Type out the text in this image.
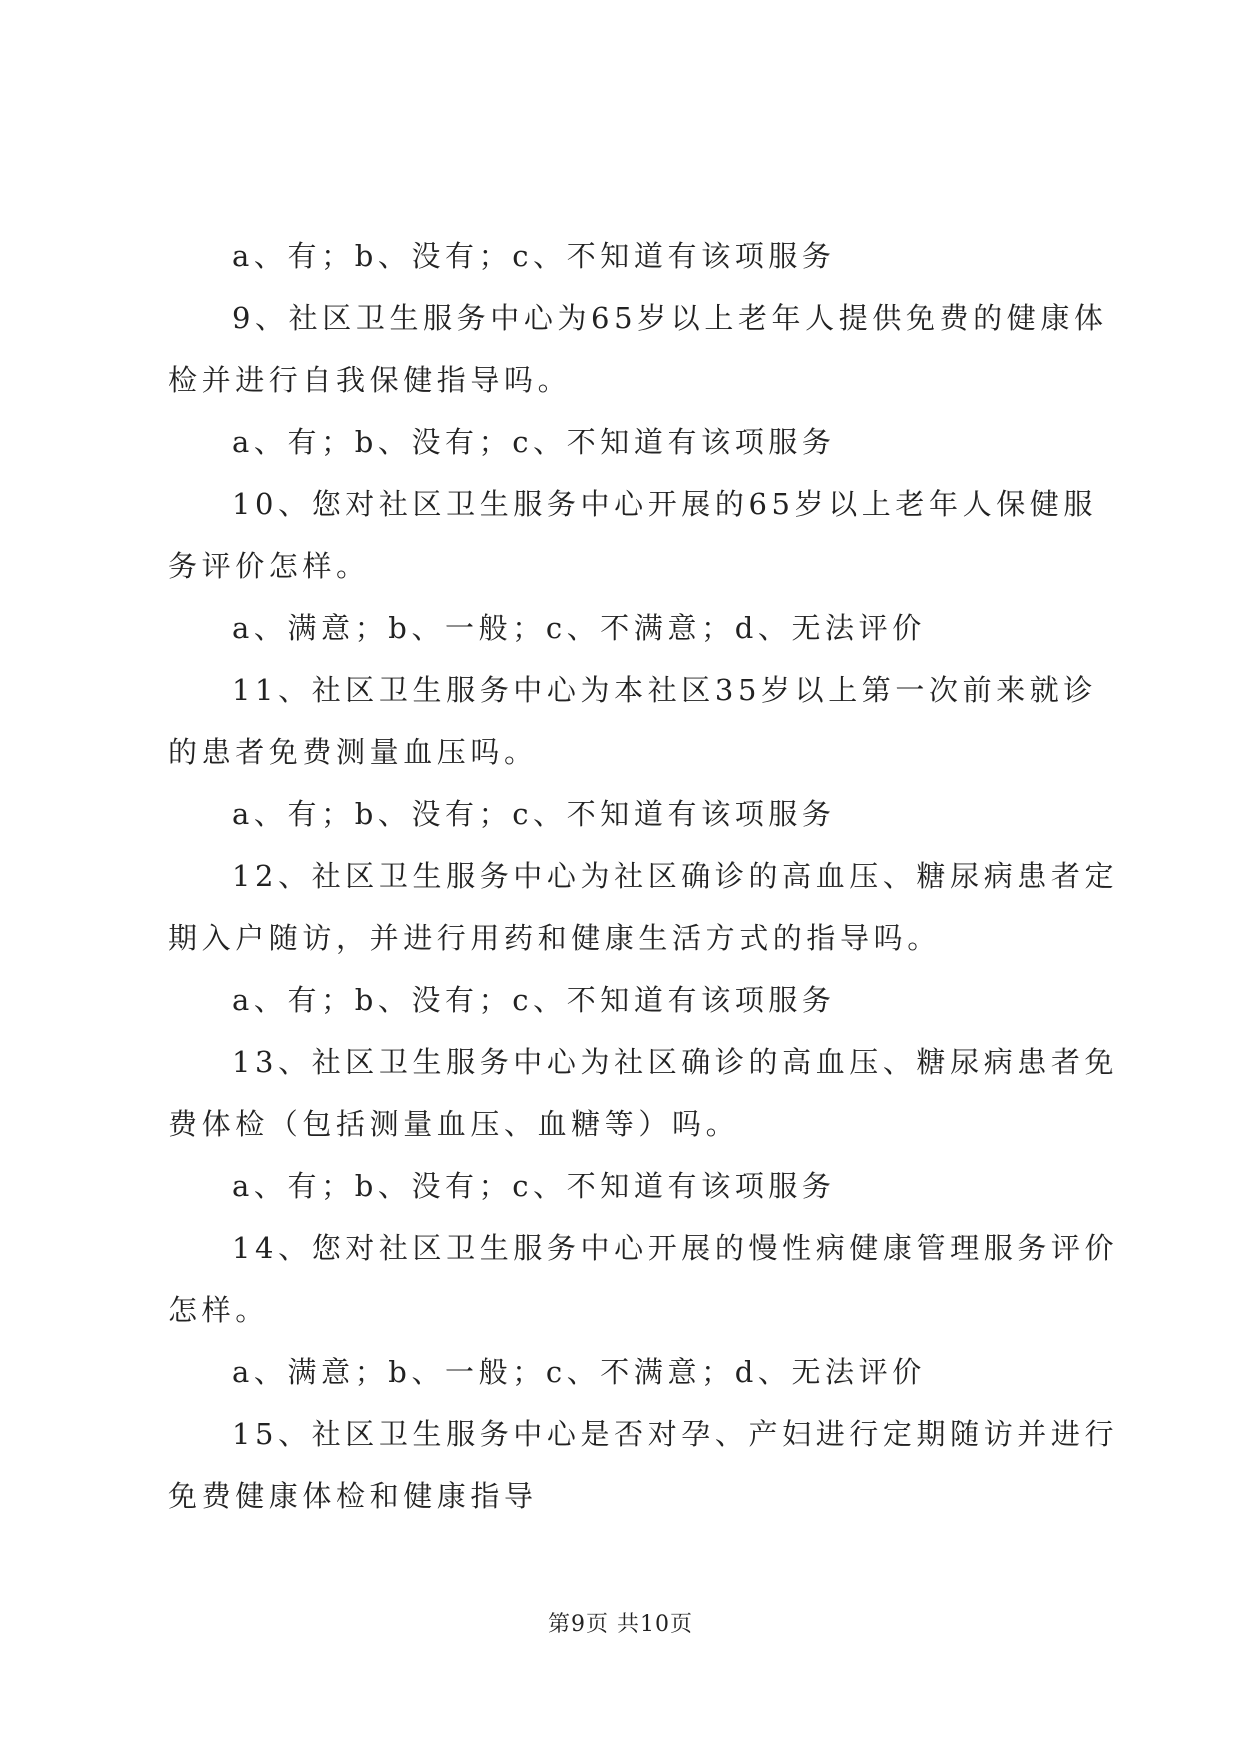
a、有；b、没有；c、不知道有该项服务
9、社区卫生服务中心为65岁以上老年人提供免费的健康体
检并进行自我保健指导吗。
a、有；b、没有；c、不知道有该项服务
10、您对社区卫生服务中心开展的65岁以上老年人保健服
务评价怎样。
a、满意；b、一般；c、不满意；d、无法评价
11、社区卫生服务中心为本社区35岁以上第一次前来就诊
的患者免费测量血压吗。
a、有；b、没有；c、不知道有该项服务
12、社区卫生服务中心为社区确诊的高血压、糖尿病患者定
期入户随访，并进行用药和健康生活方式的指导吗。
a、有；b、没有；c、不知道有该项服务
13、社区卫生服务中心为社区确诊的高血压、糖尿病患者免
费体检（包括测量血压、血糖等）吗。
a、有；b、没有；c、不知道有该项服务
14、您对社区卫生服务中心开展的慢性病健康管理服务评价
怎样。
a、满意；b、一般；c、不满意；d、无法评价
15、社区卫生服务中心是否对孕、产妇进行定期随访并进行
免费健康体检和健康指导
第9页 共10页
